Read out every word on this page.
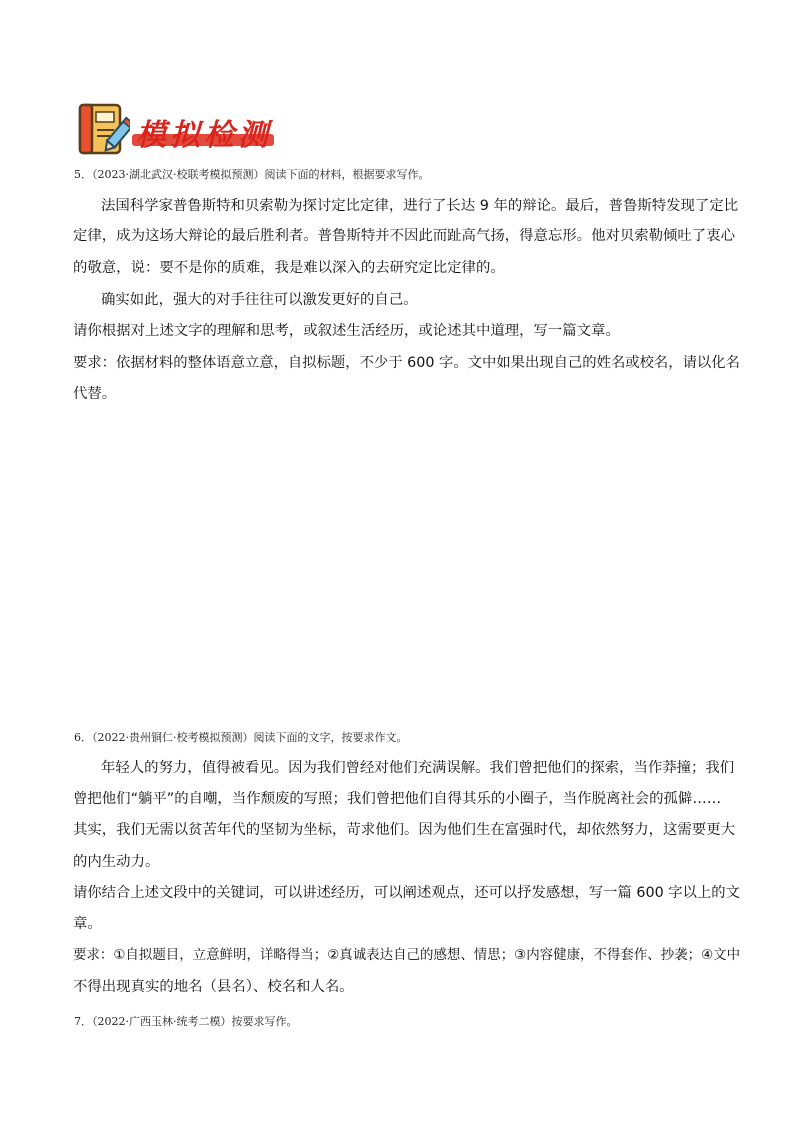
模拟检测
5．（2023·湖北武汉·校联考模拟预测）阅读下面的材料，根据要求写作。
法国科学家普鲁斯特和贝索勒为探讨定比定律，进行了长达 9 年的辩论。最后，普鲁斯特发现了定比
定律，成为这场大辩论的最后胜利者。普鲁斯特并不因此而趾高气扬，得意忘形。他对贝索勒倾吐了衷心
的敬意，说：要不是你的质难，我是难以深入的去研究定比定律的。
确实如此，强大的对手往往可以激发更好的自己。
请你根据对上述文字的理解和思考，或叙述生活经历，或论述其中道理，写一篇文章。
要求：依据材料的整体语意立意，自拟标题，不少于 600 字。文中如果出现自己的姓名或校名，请以化名
代替。
6．（2022·贵州铜仁·校考模拟预测）阅读下面的文字，按要求作文。
年轻人的努力，值得被看见。因为我们曾经对他们充满误解。我们曾把他们的探索，当作莽撞；我们
曾把他们“躺平”的自嘲，当作颓废的写照；我们曾把他们自得其乐的小圈子，当作脱离社会的孤僻……
其实，我们无需以贫苦年代的坚韧为坐标，苛求他们。因为他们生在富强时代，却依然努力，这需要更大
的内生动力。
请你结合上述文段中的关键词，可以讲述经历，可以阐述观点，还可以抒发感想，写一篇 600 字以上的文
章。
要求：①自拟题目，立意鲜明，详略得当；②真诚表达自己的感想、情思；③内容健康，不得套作、抄袭；④文中
不得出现真实的地名（县名）、校名和人名。
7．（2022·广西玉林·统考二模）按要求写作。
